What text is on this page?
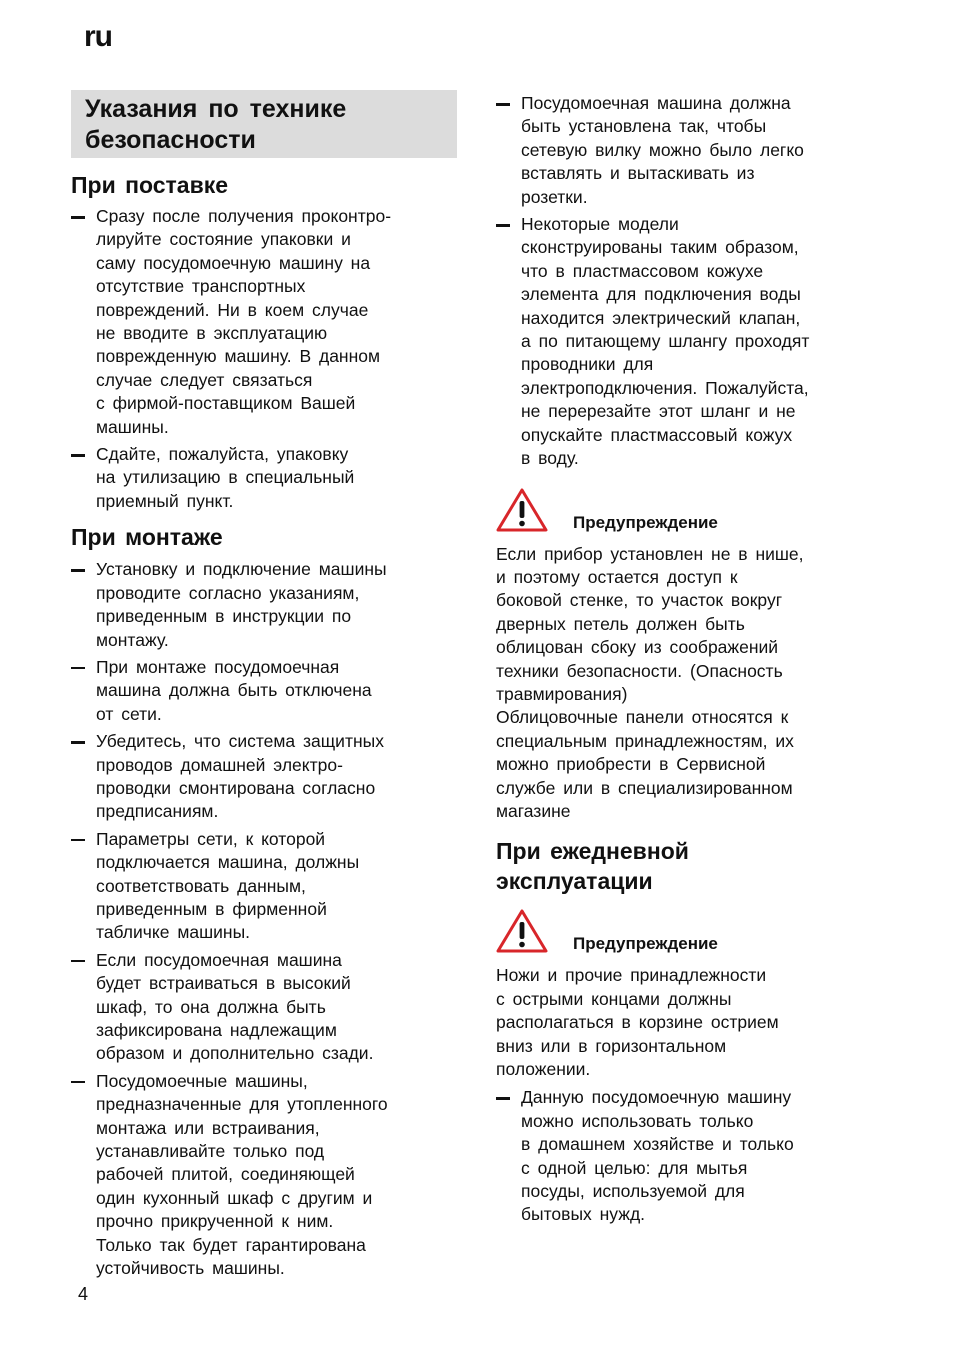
ru
Указания по технике
безопасности
При поставке
Сразу после получения проконтро-
лируйте состояние упаковки и
саму посудомоечную машину на
отсутствие транспортных
повреждений. Ни в коем случае
не вводите в эксплуатацию
поврежденную машину. В данном
случае следует связаться
с фирмой-поставщиком Вашей
машины.
Сдайте, пожалуйста, упаковку
на утилизацию в специальный
приемный пункт.
При монтаже
Установку и подключение машины
проводите согласно указаниям,
приведенным в инструкции по
монтажу.
При монтаже посудомоечная
машина должна быть отключена
от сети.
Убедитесь, что система защитных
проводов домашней электро-
проводки смонтирована согласно
предписаниям.
Параметры сети, к которой
подключается машина, должны
соответствовать данным,
приведенным в фирменной
табличке машины.
Если посудомоечная машина
будет встраиваться в высокий
шкаф, то она должна быть
зафиксирована надлежащим
образом и дополнительно сзади.
Посудомоечные машины,
предназначенные для утопленного
монтажа или встраивания,
устанавливайте только под
рабочей плитой, соединяющей
один кухонный шкаф с другим и
прочно прикрученной к ним.
Только так будет гарантирована
устойчивость машины.
Посудомоечная машина должна
быть установлена так, чтобы
сетевую вилку можно было легко
вставлять и вытаскивать из
розетки.
Некоторые модели
сконструированы таким образом,
что в пластмассовом кожухе
элемента для подключения воды
находится электрический клапан,
а по питающему шлангу проходят
проводники для
электроподключения. Пожалуйста,
не перерезайте этот шланг и не
опускайте пластмассовый кожух
в воду.
Предупреждение
Если прибор установлен не в нише,
и поэтому остается доступ к
боковой стенке, то участок вокруг
дверных петель должен быть
облицован сбоку из соображений
техники безопасности. (Опасность
травмирования)
Облицовочные панели относятся к
специальным принадлежностям, их
можно приобрести в Сервисной
службе или в специализированном
магазине
При ежедневной
эксплуатации
Предупреждение
Ножи и прочие принадлежности
с острыми концами должны
располагаться в корзине острием
вниз или в горизонтальном
положении.
Данную посудомоечную машину
можно использовать только
в домашнем хозяйстве и только
с одной целью: для мытья
посуды, используемой для
бытовых нужд.
4
